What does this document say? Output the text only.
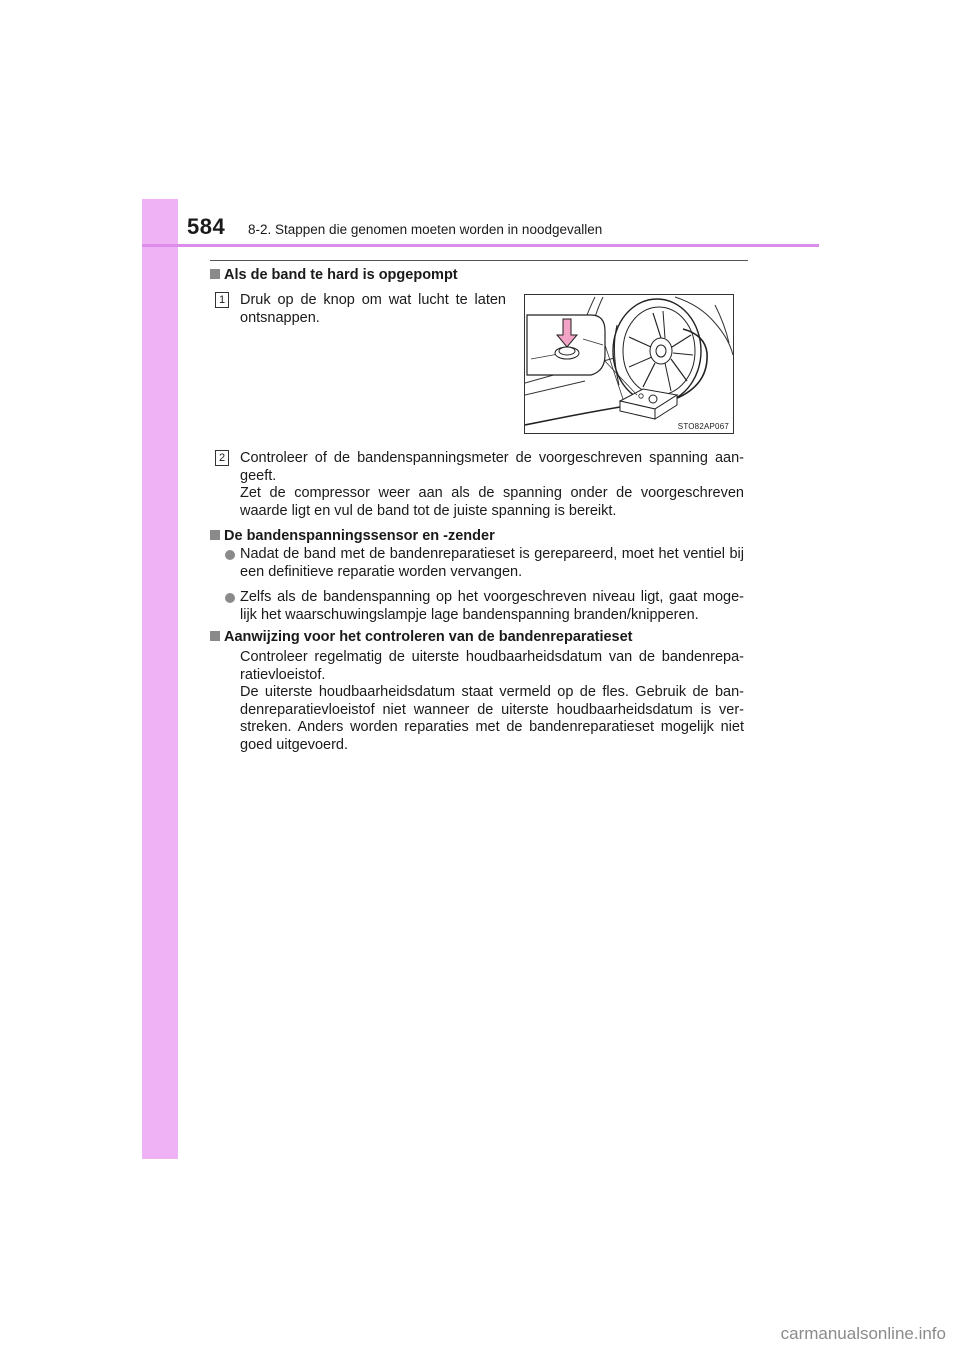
584 8-2. Stappen die genomen moeten worden in noodgevallen
Als de band te hard is opgepompt
1 Druk op de knop om wat lucht te laten ontsnappen.

STO82AP067
2 Controleer of de bandenspanningsmeter de voorgeschreven spanning aan-geeft.

Zet de compressor weer aan als de spanning onder de voorgeschreven waarde ligt en vul de band tot de juiste spanning is bereikt.

De bandenspanningssensor en -zender

Nadat de band met de bandenreparatieset is gerepareerd, moet het ventiel bij een definitieve reparatie worden vervangen.

Zelfs als de bandenspanning op het voorgeschreven niveau ligt, gaat moge-lijk het waarschuwingslampje lage bandenspanning branden/knipperen.

Aanwijzing voor het controleren van de bandenreparatieset

Controleer regelmatig de uiterste houdbaarheidsdatum van de bandenrepa-ratievloeistof.

De uiterste houdbaarheidsdatum staat vermeld op de fles. Gebruik de ban-denreparatievloeistof niet wanneer de uiterste houdbaarheidsdatum is ver-streken. Anders worden reparaties met de bandenreparatieset mogelijk niet goed uitgevoerd.

carmanualsonline.info
